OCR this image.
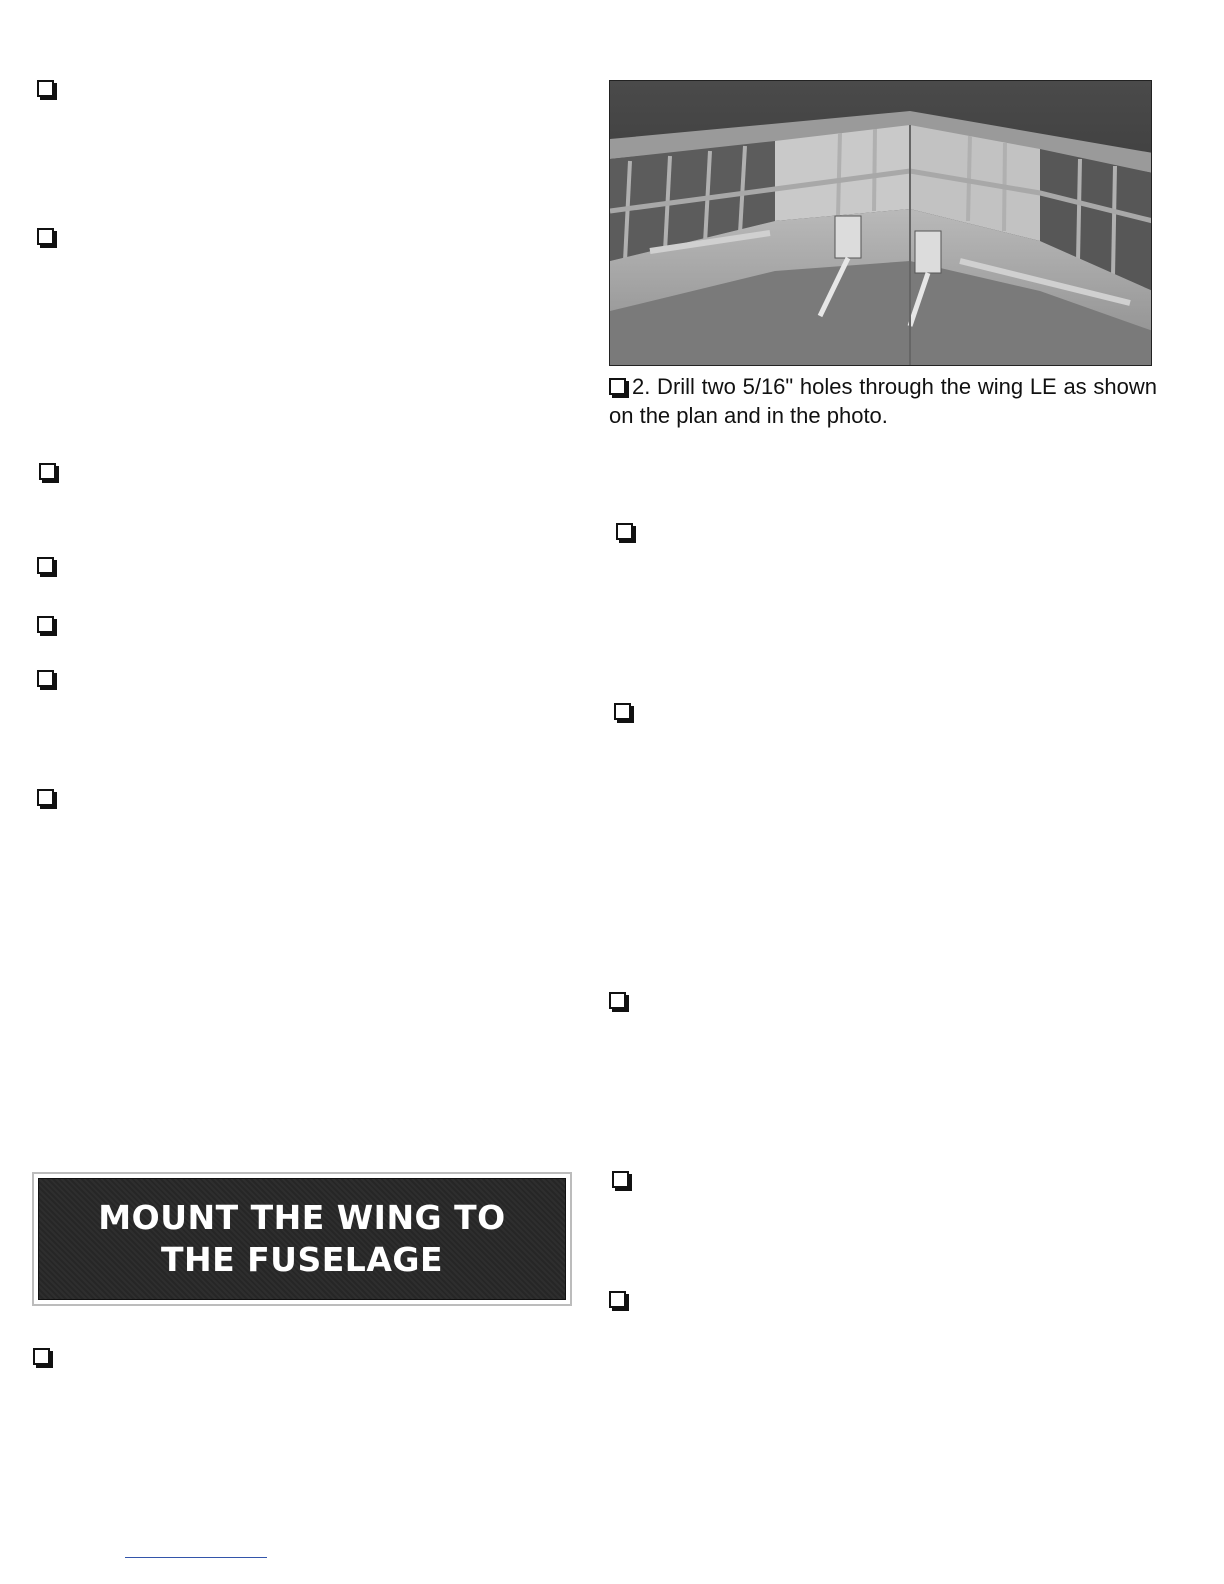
2. Drill two 5/16" holes through the wing LE as shown on the plan and in the photo.
MOUNT THE WING TO
THE FUSELAGE
